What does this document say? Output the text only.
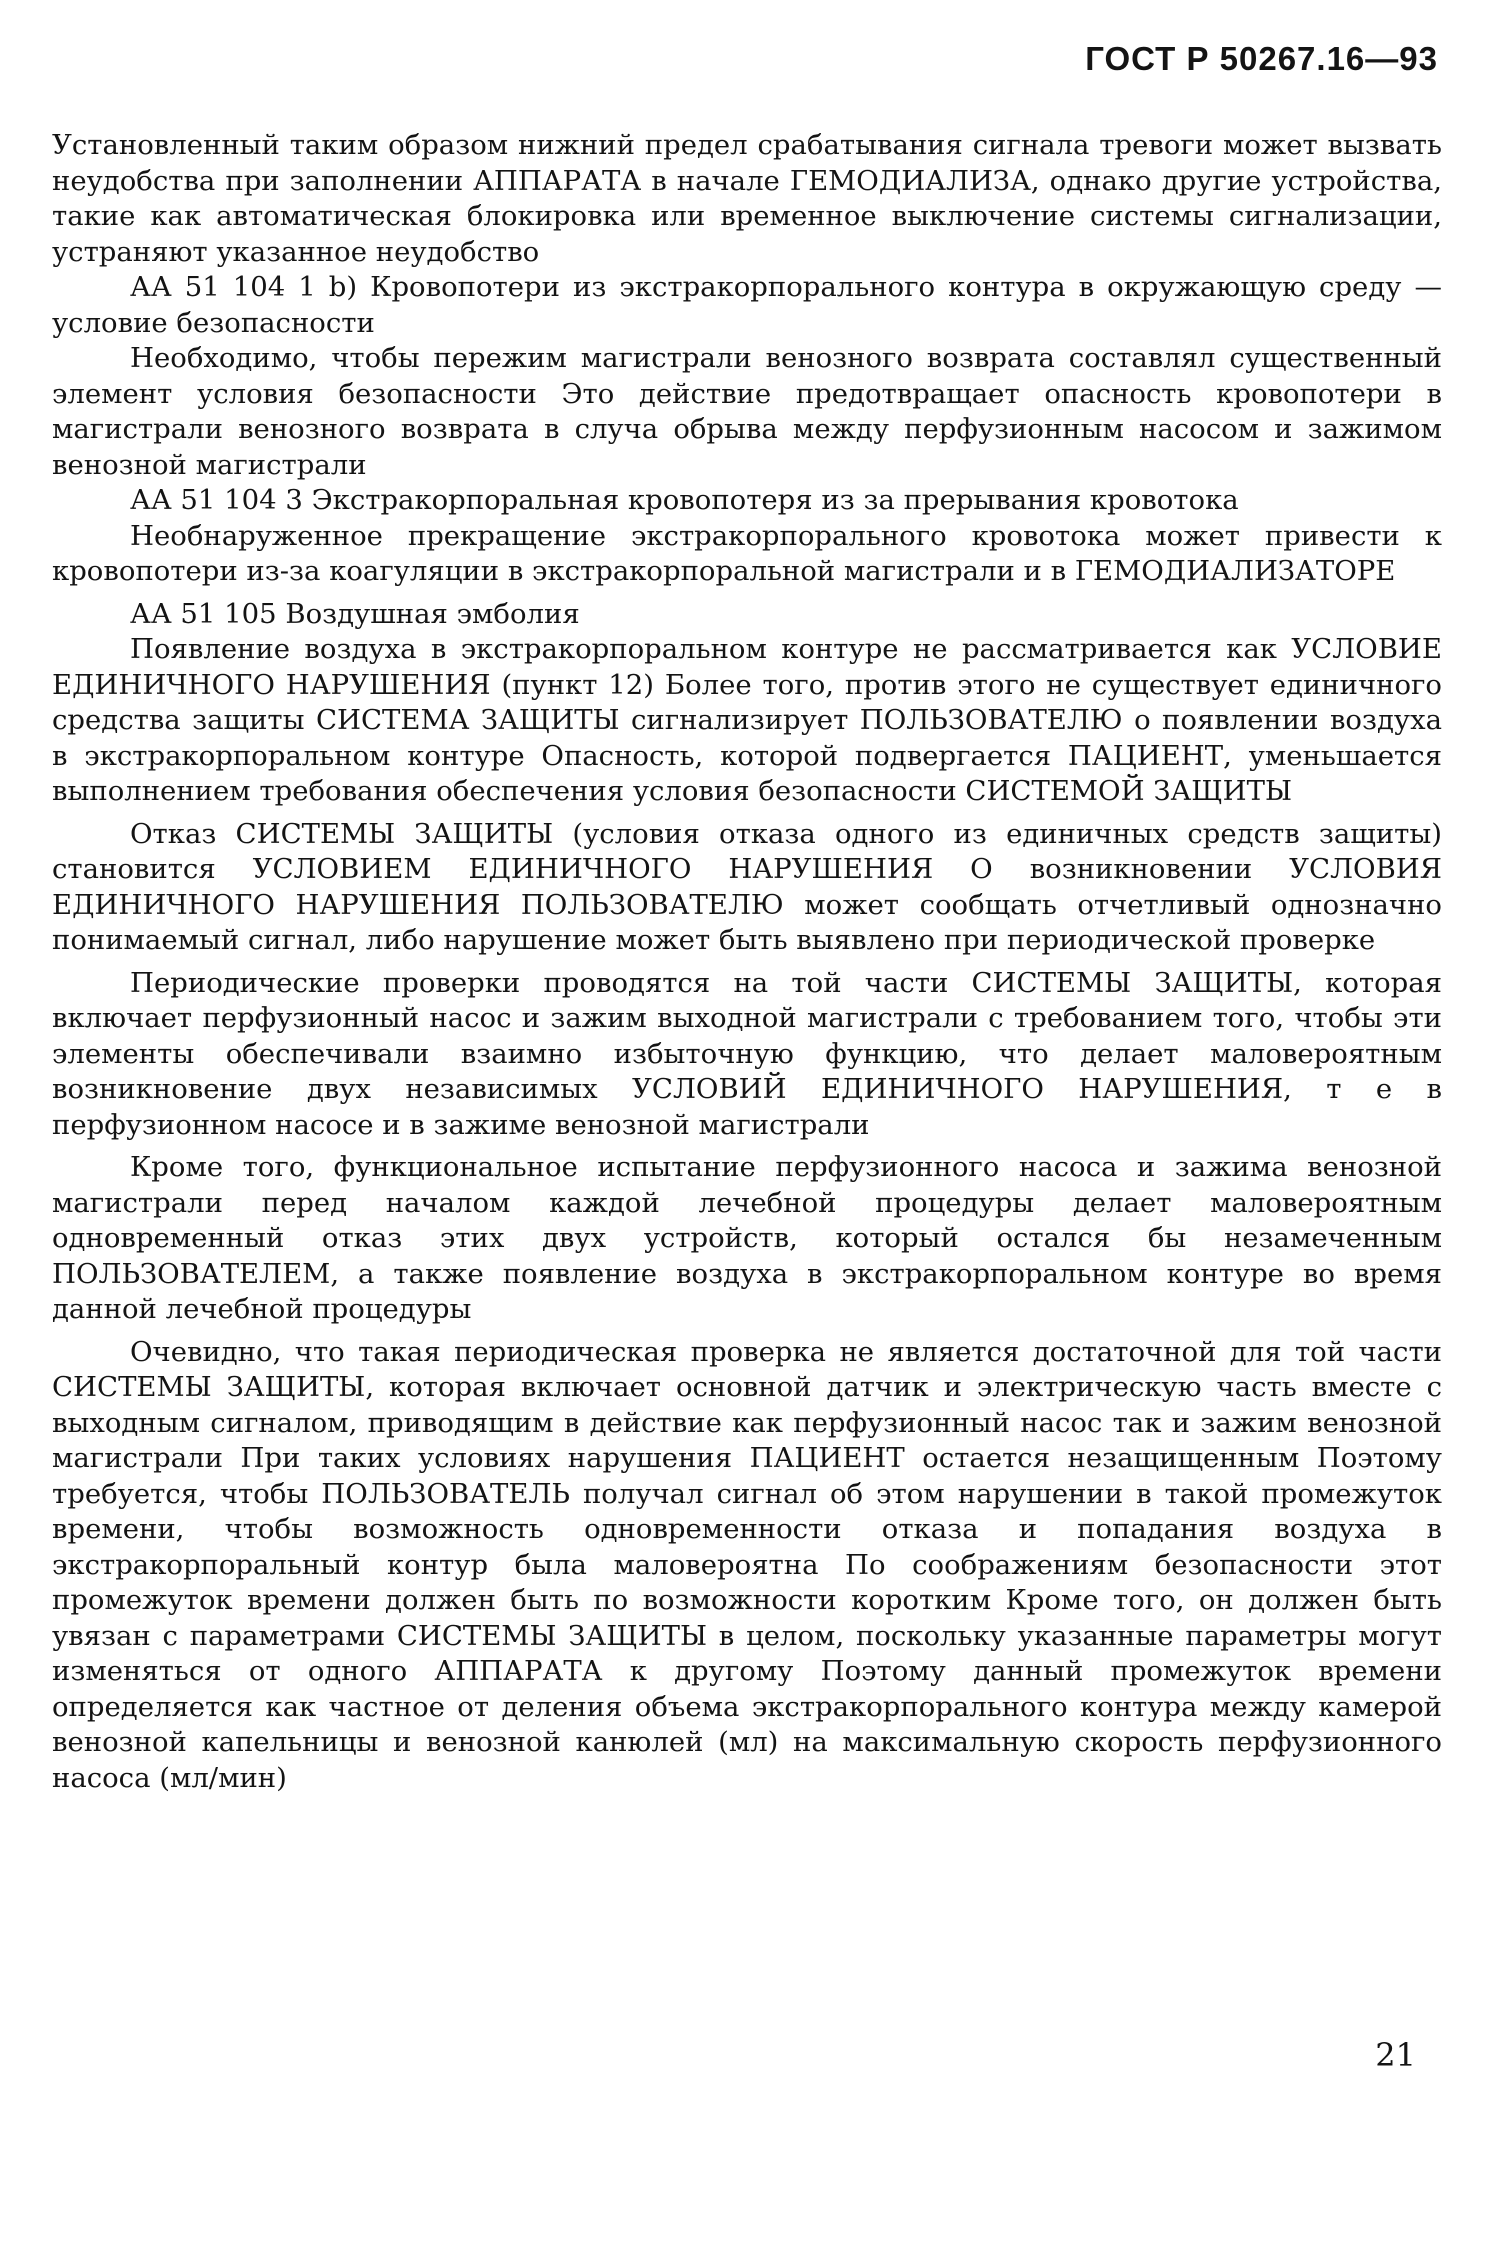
ГОСТ Р 50267.16—93

Установленный таким образом нижний предел срабатывания сигнала тревоги может вызвать неудобства при заполнении АППАРАТА в начале ГЕМОДИАЛИЗА, однако другие устройства, такие как автоматическая блокировка или временное выключение системы сигнализации, устраняют указанное неудобство

АА 51 104 1 b) Кровопотери из экстракорпорального контура в окружающую среду — условие безопасности

Необходимо, чтобы пережим магистрали венозного возврата составлял существенный элемент условия безопасности Это действие предотвращает опасность кровопотери в магистрали венозного возврата в случа обрыва между перфузионным насосом и зажимом венозной магистрали

АА 51 104 3 Экстракорпоральная кровопотеря из за прерывания кровотока

Необнаруженное прекращение экстракорпорального кровотока может привести к кровопотери из-за коагуляции в экстракорпоральной магистрали и в ГЕМОДИАЛИЗАТОРЕ

АА 51 105 Воздушная эмболия

Появление воздуха в экстракорпоральном контуре не рассматривается как УСЛОВИЕ ЕДИНИЧНОГО НАРУШЕНИЯ (пункт 12) Более того, против этого не существует единичного средства защиты СИСТЕМА ЗАЩИТЫ сигнализирует ПОЛЬЗОВАТЕЛЮ о появлении воздуха в экстракорпоральном контуре Опасность, которой подвергается ПАЦИЕНТ, уменьшается выполнением требования обеспечения условия безопасности СИСТЕМОЙ ЗАЩИТЫ

Отказ СИСТЕМЫ ЗАЩИТЫ (условия отказа одного из единичных средств защиты) становится УСЛОВИЕМ ЕДИНИЧНОГО НАРУШЕНИЯ О возникновении УСЛОВИЯ ЕДИНИЧНОГО НАРУШЕНИЯ ПОЛЬЗОВАТЕЛЮ может сообщать отчетливый однозначно понимаемый сигнал, либо нарушение может быть выявлено при периодической проверке

Периодические проверки проводятся на той части СИСТЕМЫ ЗАЩИТЫ, которая включает перфузионный насос и зажим выходной магистрали с требованием того, чтобы эти элементы обеспечивали взаимно избыточную функцию, что делает маловероятным возникновение двух независимых УСЛОВИЙ ЕДИНИЧНОГО НАРУШЕНИЯ, т е в перфузионном насосе и в зажиме венозной магистрали

Кроме того, функциональное испытание перфузионного насоса и зажима венозной магистрали перед началом каждой лечебной процедуры делает маловероятным одновременный отказ этих двух устройств, который остался бы незамеченным ПОЛЬЗОВАТЕЛЕМ, а также появление воздуха в экстракорпоральном контуре во время данной лечебной процедуры

Очевидно, что такая периодическая проверка не является достаточной для той части СИСТЕМЫ ЗАЩИТЫ, которая включает основной датчик и электрическую часть вместе с выходным сигналом, приводящим в действие как перфузионный насос так и зажим венозной магистрали При таких условиях нарушения ПАЦИЕНТ остается незащищенным Поэтому требуется, чтобы ПОЛЬЗОВАТЕЛЬ получал сигнал об этом нарушении в такой промежуток времени, чтобы возможность одновременности отказа и попадания воздуха в экстракорпоральный контур была маловероятна По соображениям безопасности этот промежуток времени должен быть по возможности коротким Кроме того, он должен быть увязан с параметрами СИСТЕМЫ ЗАЩИТЫ в целом, поскольку указанные параметры могут изменяться от одного АППАРАТА к другому Поэтому данный промежуток времени определяется как частное от деления объема экстракорпорального контура между камерой венозной капельницы и венозной канюлей (мл) на максимальную скорость перфузионного насоса (мл/мин)

21
